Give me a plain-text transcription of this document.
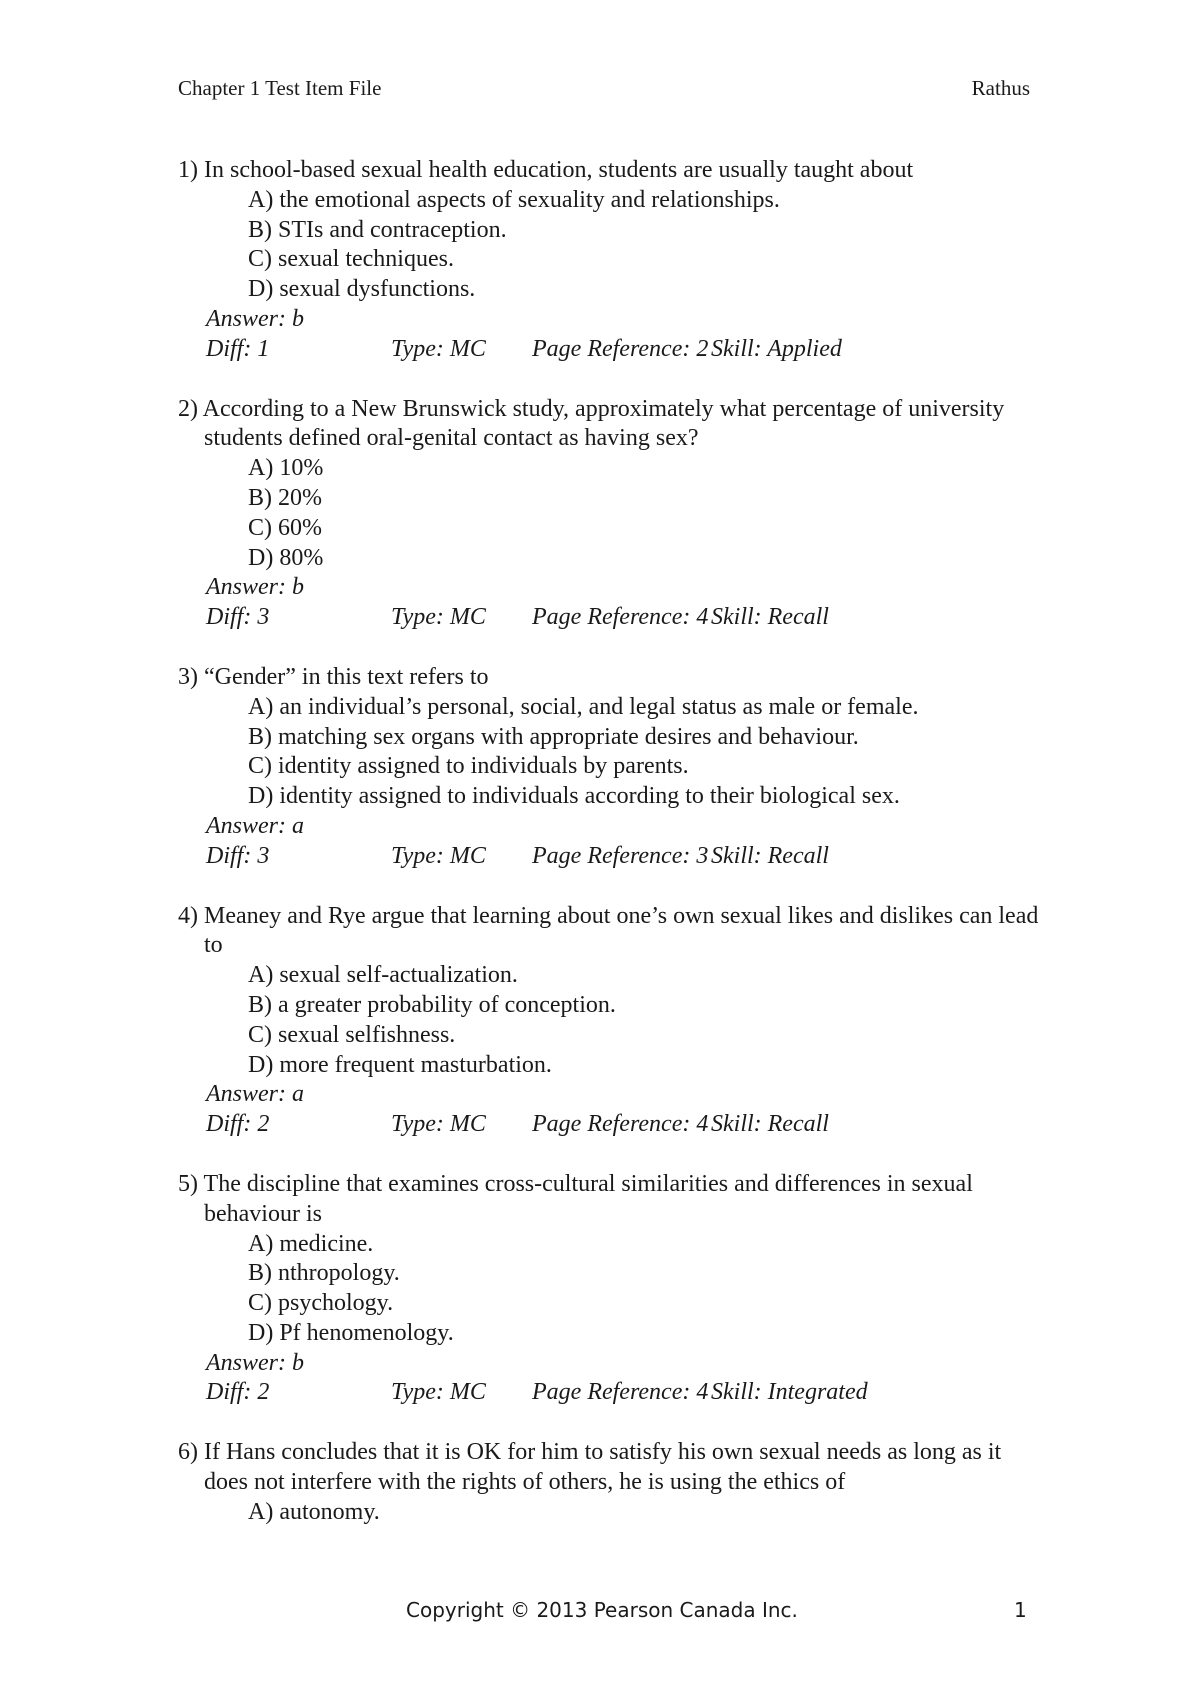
Chapter 1 Test Item File	Rathus
1) In school-based sexual health education, students are usually taught about
A) the emotional aspects of sexuality and relationships.
B) STIs and contraception.
C) sexual techniques.
D) sexual dysfunctions.
Answer: b
Diff: 1	Type: MC Page Reference: 2 Skill: Applied
2) According to a New Brunswick study, approximately what percentage of university students defined oral-genital contact as having sex?
A) 10%
B) 20%
C) 60%
D) 80%
Answer: b
Diff: 3	Type: MC Page Reference: 4 Skill: Recall
3) “Gender” in this text refers to
A) an individual’s personal, social, and legal status as male or female.
B) matching sex organs with appropriate desires and behaviour.
C) identity assigned to individuals by parents.
D) identity assigned to individuals according to their biological sex.
Answer: a
Diff: 3	Type: MC Page Reference: 3 Skill: Recall
4) Meaney and Rye argue that learning about one’s own sexual likes and dislikes can lead to
A) sexual self-actualization.
B) a greater probability of conception.
C) sexual selfishness.
D) more frequent masturbation.
Answer: a
Diff: 2	Type: MC Page Reference: 4 Skill: Recall
5) The discipline that examines cross-cultural similarities and differences in sexual behaviour is
A) medicine.
B) nthropology.
C) psychology.
D) Pf henomenology.
Answer: b
Diff: 2	Type: MC Page Reference: 4 Skill: Integrated
6) If Hans concludes that it is OK for him to satisfy his own sexual needs as long as it does not interfere with the rights of others, he is using the ethics of
A) autonomy.
Copyright © 2013 Pearson Canada Inc.	1
